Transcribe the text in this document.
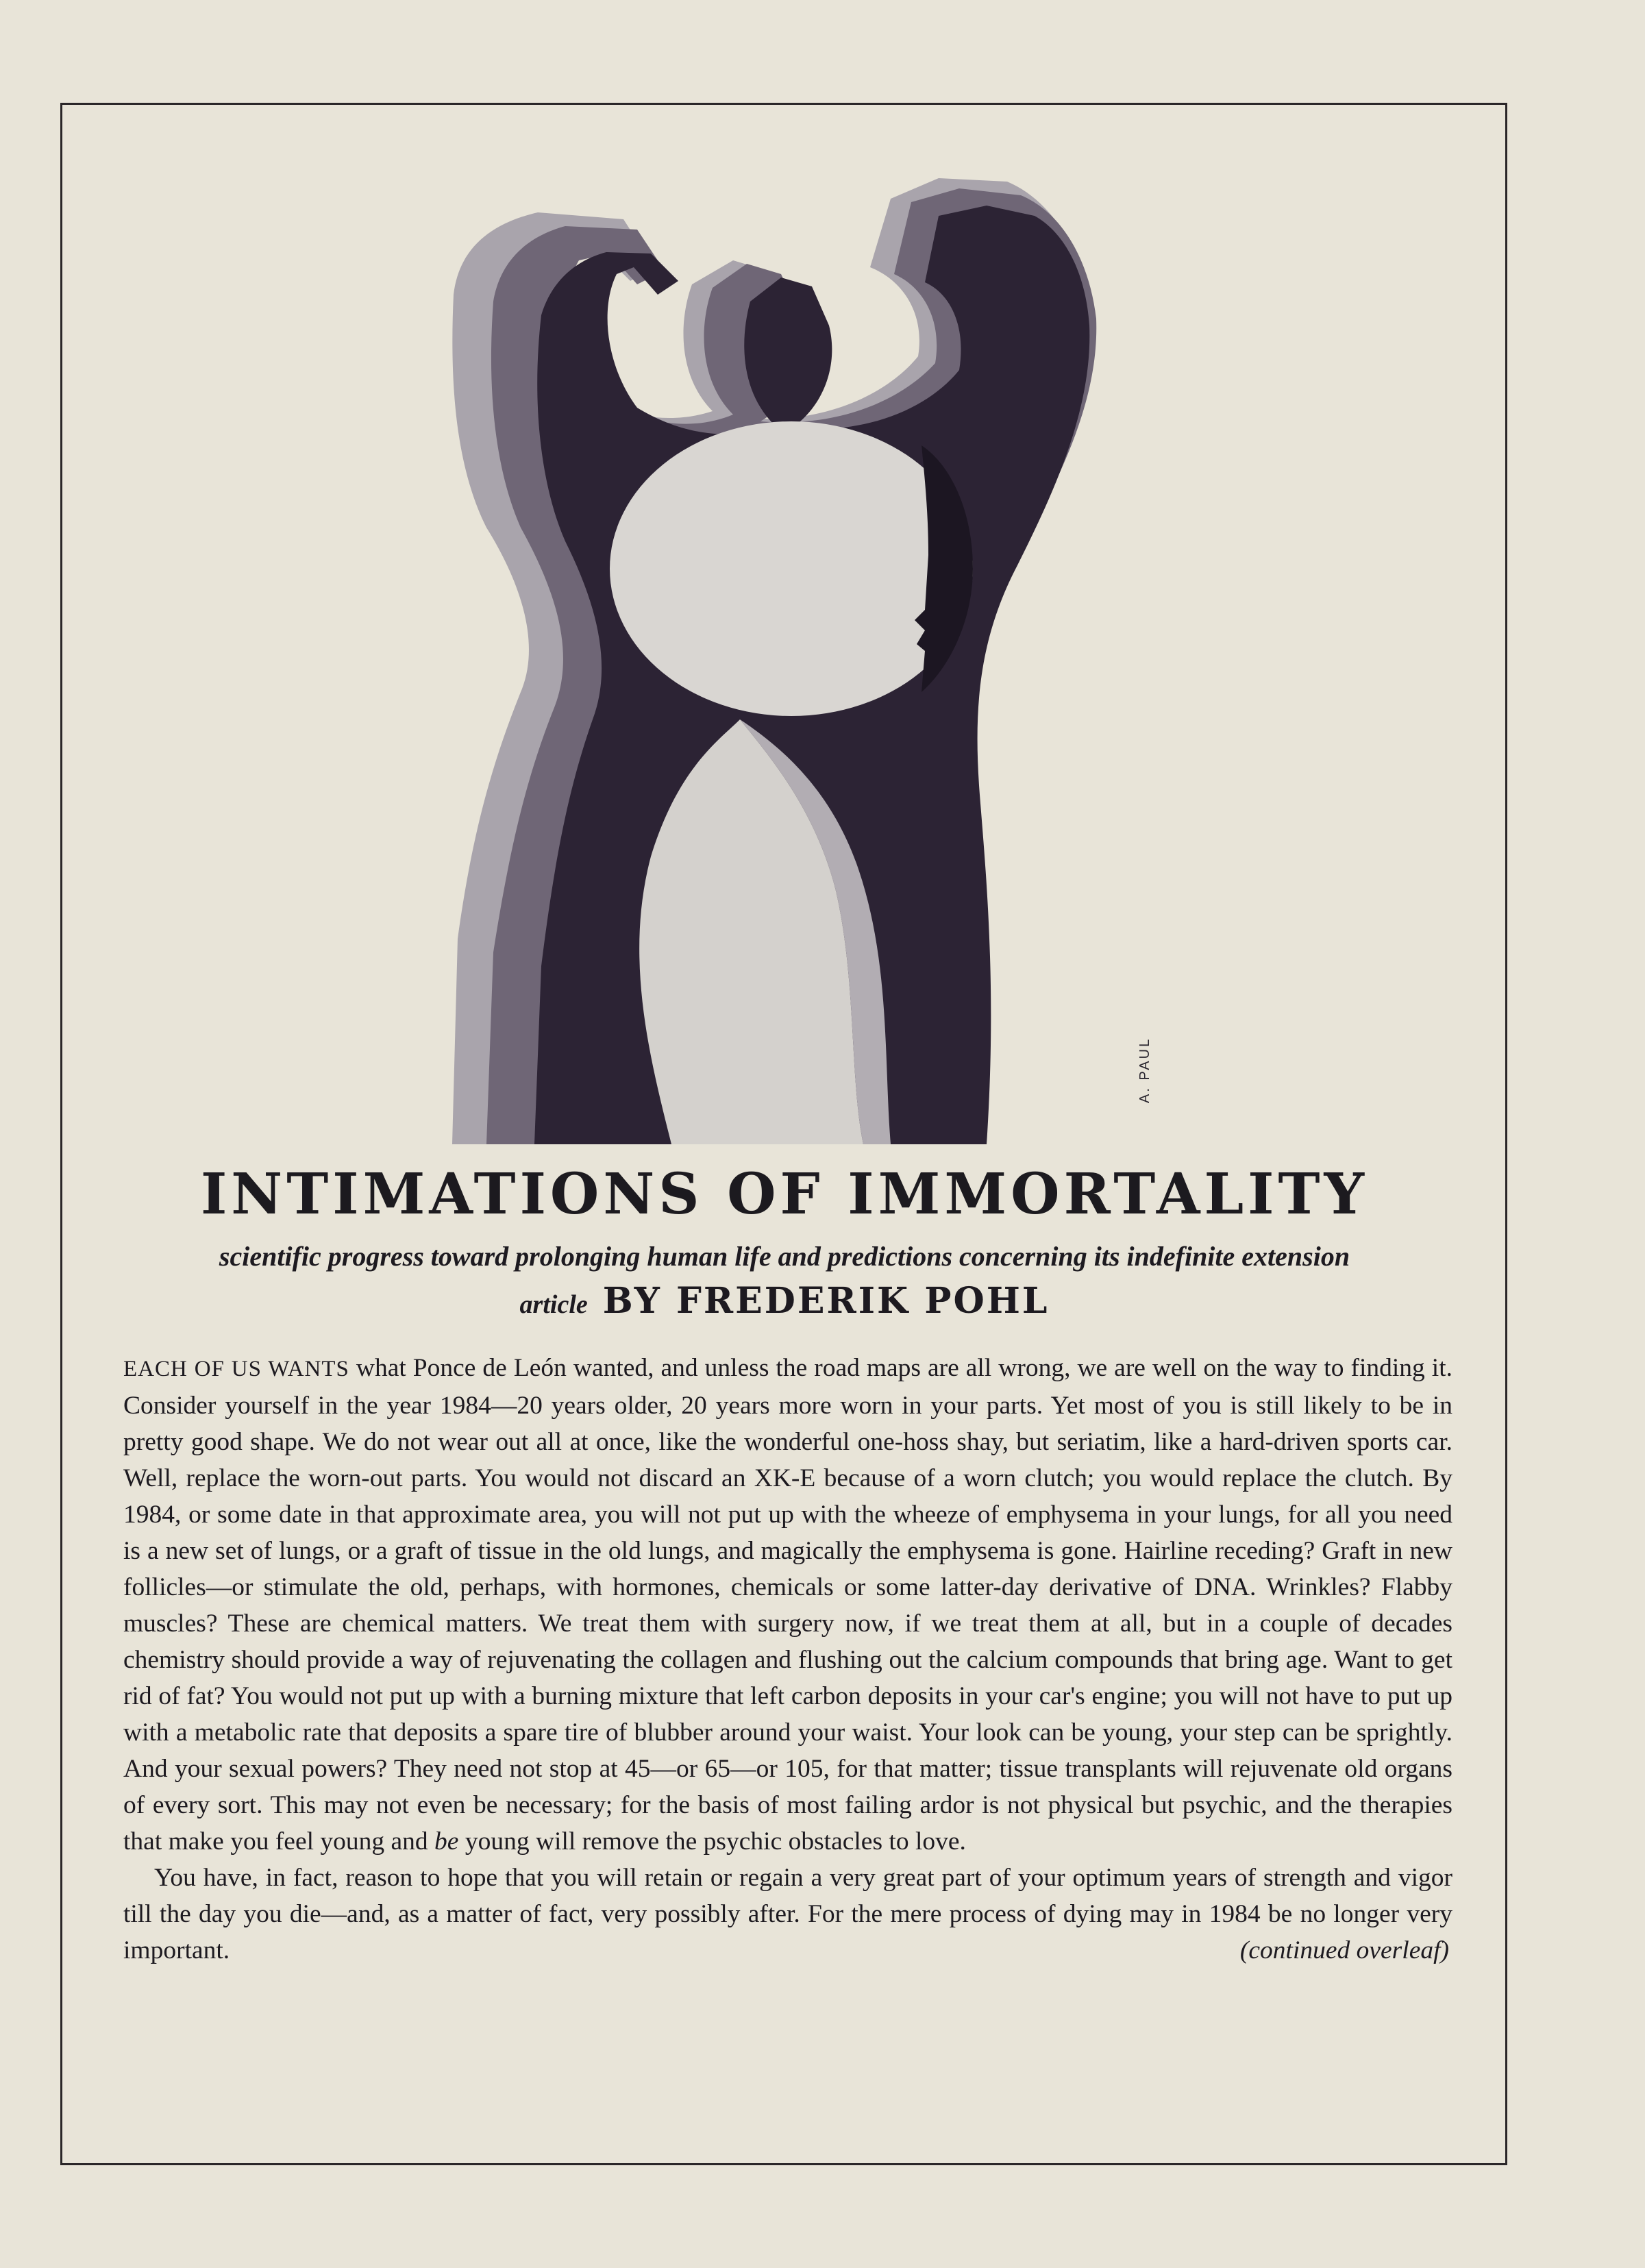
A. PAUL
INTIMATIONS OF IMMORTALITY
scientific progress toward prolonging human life and predictions concerning its indefinite extension
article BY FREDERIK POHL

EACH OF US WANTS what Ponce de León wanted, and unless the road maps are all wrong, we are well on the way to finding it. Consider yourself in the year 1984—20 years older, 20 years more worn in your parts. Yet most of you is still likely to be in pretty good shape. We do not wear out all at once, like the wonderful one-hoss shay, but seriatim, like a hard-driven sports car. Well, replace the worn-out parts. You would not discard an XK-E because of a worn clutch; you would replace the clutch. By 1984, or some date in that approximate area, you will not put up with the wheeze of emphysema in your lungs, for all you need is a new set of lungs, or a graft of tissue in the old lungs, and magically the emphysema is gone. Hairline receding? Graft in new follicles—or stimulate the old, perhaps, with hormones, chemicals or some latter-day derivative of DNA. Wrinkles? Flabby muscles? These are chemical matters. We treat them with surgery now, if we treat them at all, but in a couple of decades chemistry should provide a way of rejuvenating the collagen and flushing out the calcium compounds that bring age. Want to get rid of fat? You would not put up with a burning mixture that left carbon deposits in your car's engine; you will not have to put up with a metabolic rate that deposits a spare tire of blubber around your waist. Your look can be young, your step can be sprightly. And your sexual powers? They need not stop at 45—or 65—or 105, for that matter; tissue transplants will rejuvenate old organs of every sort. This may not even be necessary; for the basis of most failing ardor is not physical but psychic, and the therapies that make you feel young and be young will remove the psychic obstacles to love.

You have, in fact, reason to hope that you will retain or regain a very great part of your optimum years of strength and vigor till the day you die—and, as a matter of fact, very possibly after. For the mere process of dying may in 1984 be no longer very important.	(continued overleaf)
